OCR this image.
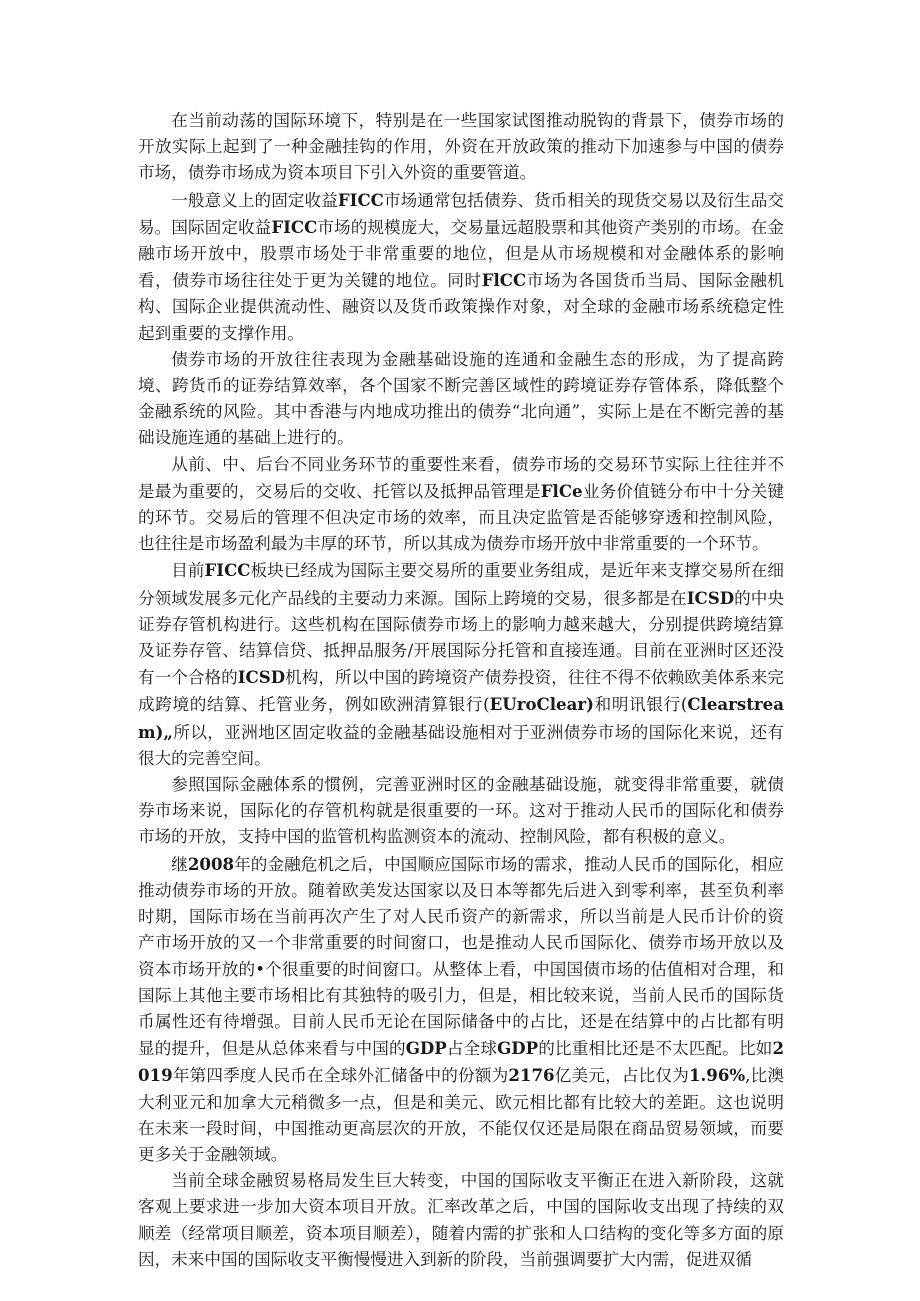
在当前动荡的国际环境下，特别是在一些国家试图推动脱钩的背景下，债券市场的开放实际上起到了一种金融挂钩的作用，外资在开放政策的推动下加速参与中国的债券市场，债券市场成为资本项目下引入外资的重要管道。

一般意义上的固定收益FICC市场通常包括债券、货币相关的现货交易以及衍生品交易。国际固定收益FICC市场的规模庞大，交易量远超股票和其他资产类别的市场。在金融市场开放中，股票市场处于非常重要的地位，但是从市场规模和对金融体系的影响看，债券市场往往处于更为关键的地位。同时FlCC市场为各国货币当局、国际金融机构、国际企业提供流动性、融资以及货币政策操作对象，对全球的金融市场系统稳定性起到重要的支撑作用。

债券市场的开放往往表现为金融基础设施的连通和金融生态的形成，为了提高跨境、跨货币的证券结算效率，各个国家不断完善区域性的跨境证券存管体系，降低整个金融系统的风险。其中香港与内地成功推出的债券“北向通”，实际上是在不断完善的基础设施连通的基础上进行的。

从前、中、后台不同业务环节的重要性来看，债券市场的交易环节实际上往往并不是最为重要的，交易后的交收、托管以及抵押品管理是FlCe业务价值链分布中十分关键的环节。交易后的管理不但决定市场的效率，而且决定监管是否能够穿透和控制风险，也往往是市场盈利最为丰厚的环节，所以其成为债券市场开放中非常重要的一个环节。

目前FICC板块已经成为国际主要交易所的重要业务组成，是近年来支撑交易所在细分领域发展多元化产品线的主要动力来源。国际上跨境的交易，很多都是在ICSD的中央证券存管机构进行。这些机构在国际债券市场上的影响力越来越大，分别提供跨境结算及证券存管、结算信贷、抵押品服务/开展国际分托管和直接连通。目前在亚洲时区还没有一个合格的ICSD机构，所以中国的跨境资产债券投资，往往不得不依赖欧美体系来完成跨境的结算、托管业务，例如欧洲清算银行(EUroClear)和明讯银行(Clearstream)„所以，亚洲地区固定收益的金融基础设施相对于亚洲债券市场的国际化来说，还有很大的完善空间。

参照国际金融体系的惯例，完善亚洲时区的金融基础设施，就变得非常重要，就债券市场来说，国际化的存管机构就是很重要的一环。这对于推动人民币的国际化和债券市场的开放，支持中国的监管机构监测资本的流动、控制风险，都有积极的意义。

继2008年的金融危机之后，中国顺应国际市场的需求，推动人民币的国际化，相应推动债券市场的开放。随着欧美发达国家以及日本等都先后进入到零利率，甚至负利率时期，国际市场在当前再次产生了对人民币资产的新需求，所以当前是人民币计价的资产市场开放的又一个非常重要的时间窗口，也是推动人民币国际化、债券市场开放以及资本市场开放的•个很重要的时间窗口。从整体上看，中国国债市场的估值相对合理，和国际上其他主要市场相比有其独特的吸引力，但是，相比较来说，当前人民币的国际货币属性还有待增强。目前人民币无论在国际储备中的占比，还是在结算中的占比都有明显的提升，但是从总体来看与中国的GDP占全球GDP的比重相比还是不太匹配。比如2019年第四季度人民币在全球外汇储备中的份额为2176亿美元，占比仅为1.96%,比澳大利亚元和加拿大元稍微多一点，但是和美元、欧元相比都有比较大的差距。这也说明在未来一段时间，中国推动更高层次的开放，不能仅仅还是局限在商品贸易领域，而要更多关于金融领域。

当前全球金融贸易格局发生巨大转变，中国的国际收支平衡正在进入新阶段，这就客观上要求进一步加大资本项目开放。汇率改革之后，中国的国际收支出现了持续的双顺差（经常项目顺差，资本项目顺差），随着内需的扩张和人口结构的变化等多方面的原因，未来中国的国际收支平衡慢慢进入到新的阶段，当前强调要扩大内需，促进双循
